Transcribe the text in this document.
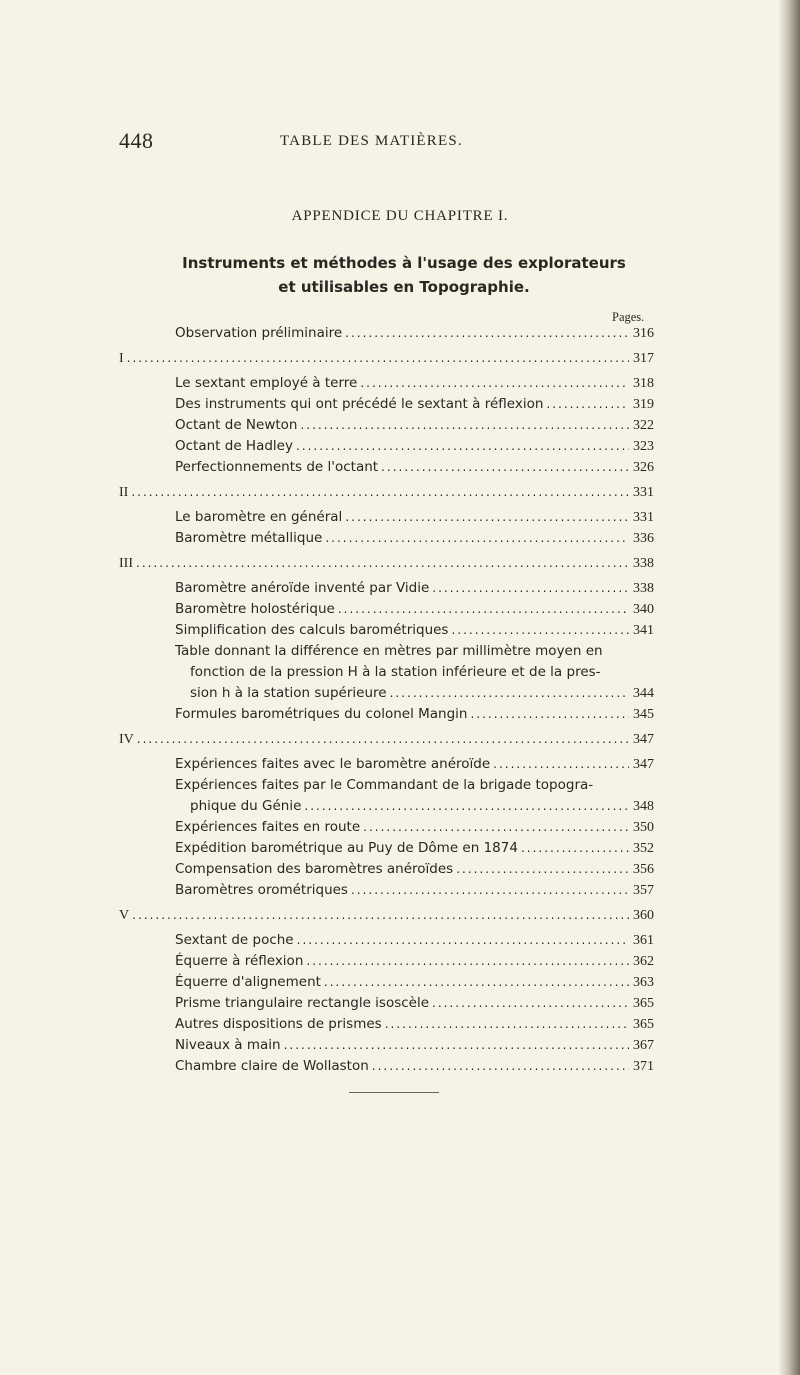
448	TABLE DES MATIÈRES.
APPENDICE DU CHAPITRE I.
Instruments et méthodes à l'usage des explorateurs
et utilisables en Topographie.
Pages.
Observation préliminaire .....	316
I .....	317
Le sextant employé à terre .....	318
Des instruments qui ont précédé le sextant à réflexion .....	319
Octant de Newton .....	322
Octant de Hadley .....	323
Perfectionnements de l'octant .....	326
II .....	331
Le baromètre en général .....	331
Baromètre métallique .....	336
III .....	338
Baromètre anéroïde inventé par Vidie .....	338
Baromètre holostérique .....	340
Simplification des calculs barométriques .....	341
Table donnant la différence en mètres par millimètre moyen en
fonction de la pression H à la station inférieure et de la pres-
sion h à la station supérieure .....	344
Formules barométriques du colonel Mangin .....	345
IV .....	347
Expériences faites avec le baromètre anéroïde .....	347
Expériences faites par le Commandant de la brigade topogra-
phique du Génie .....	348
Expériences faites en route .....	350
Expédition barométrique au Puy de Dôme en 1874 .....	352
Compensation des baromètres anéroïdes .....	356
Baromètres orométriques .....	357
V .....	360
Sextant de poche .....	361
Équerre à réflexion .....	362
Équerre d'alignement .....	363
Prisme triangulaire rectangle isoscèle .....	365
Autres dispositions de prismes .....	365
Niveaux à main .....	367
Chambre claire de Wollaston .....	371
